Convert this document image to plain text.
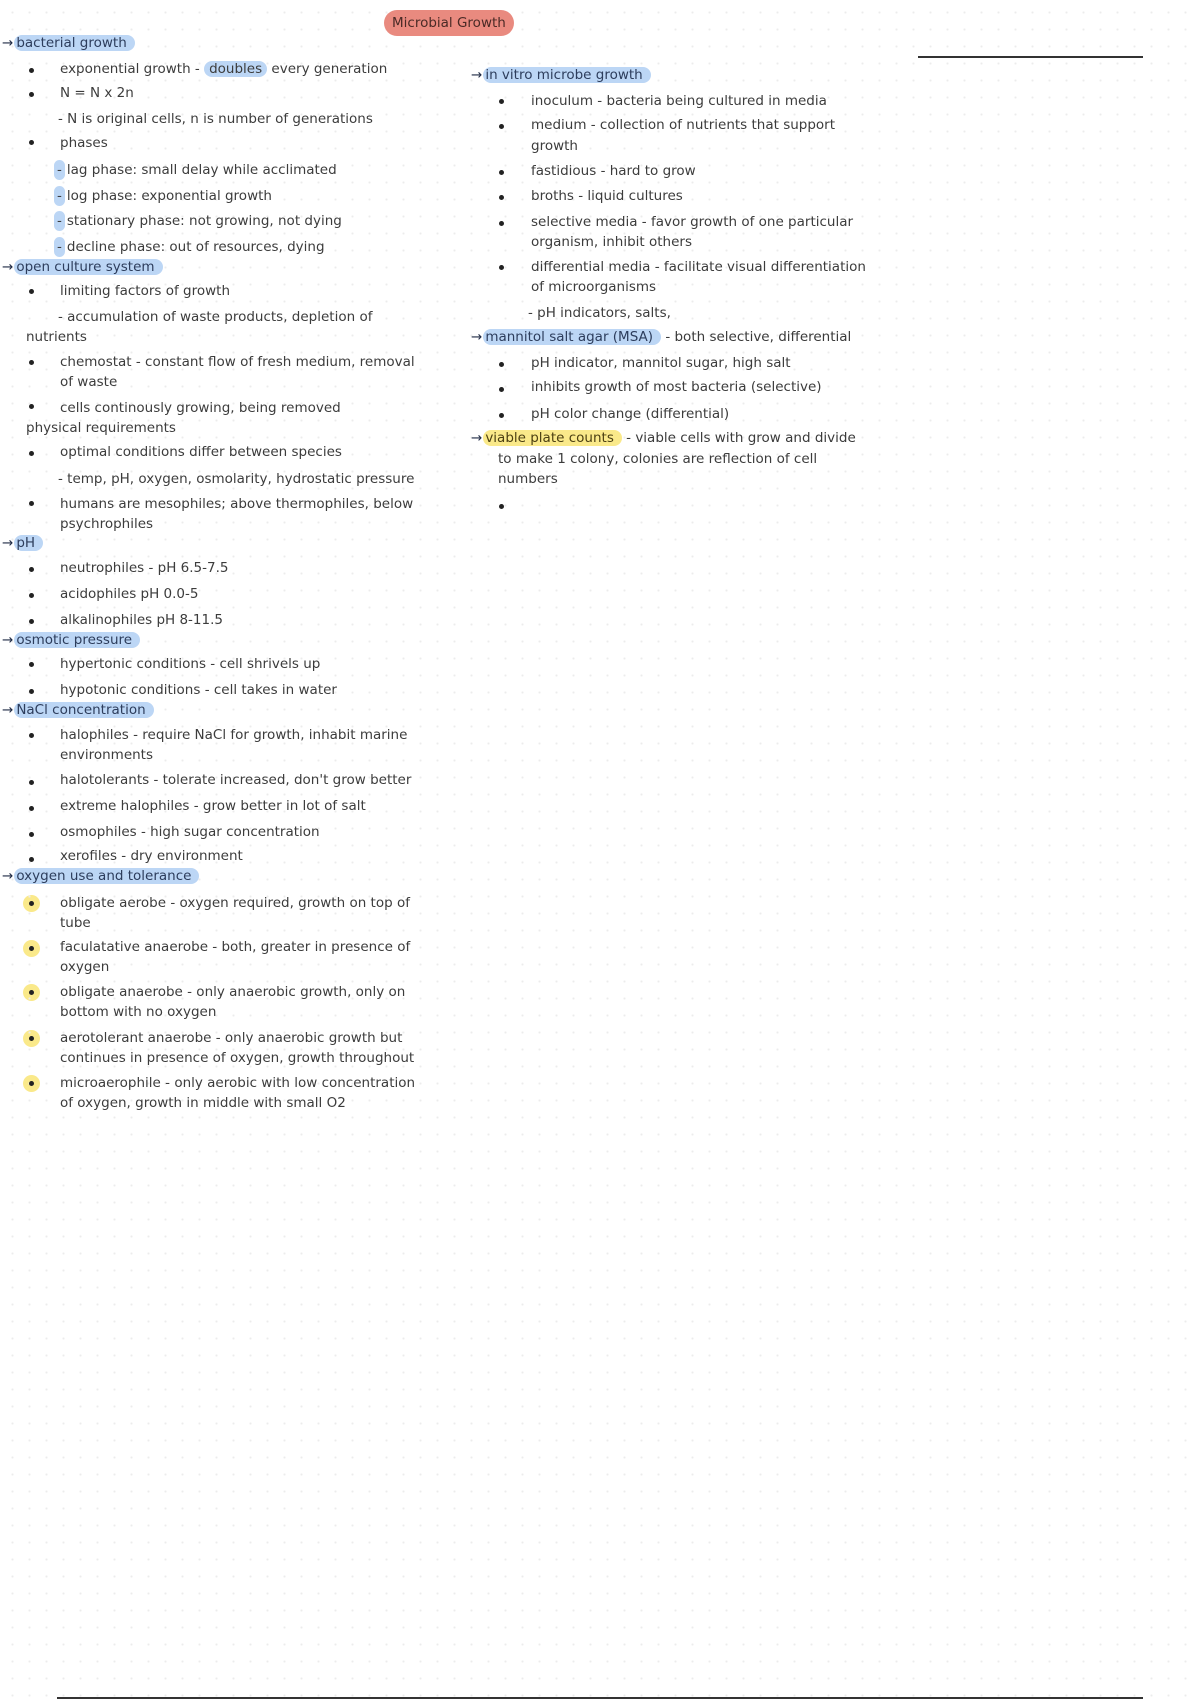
Microbial Growth
→ bacterial growth
exponential growth - doubles every generation
N = N x 2n
- N is original cells, n is number of generations
phases
- lag phase: small delay while acclimated
- log phase: exponential growth
- stationary phase: not growing, not dying
- decline phase: out of resources, dying
→ open culture system
limiting factors of growth
- accumulation of waste products, depletion of
nutrients
chemostat - constant flow of fresh medium, removal
of waste
cells continously growing, being removed
physical requirements
optimal conditions differ between species
- temp, pH, oxygen, osmolarity, hydrostatic pressure
humans are mesophiles; above thermophiles, below
psychrophiles
→ pH
neutrophiles - pH 6.5-7.5
acidophiles pH 0.0-5
alkalinophiles pH 8-11.5
→ osmotic pressure
hypertonic conditions - cell shrivels up
hypotonic conditions - cell takes in water
→ NaCl concentration
halophiles - require NaCl for growth, inhabit marine
environments
halotolerants - tolerate increased, don't grow better
extreme halophiles - grow better in lot of salt
osmophiles - high sugar concentration
xerofiles - dry environment
→ oxygen use and tolerance
obligate aerobe - oxygen required, growth on top of
tube
faculatative anaerobe - both, greater in presence of
oxygen
obligate anaerobe - only anaerobic growth, only on
bottom with no oxygen
aerotolerant anaerobe - only anaerobic growth but
continues in presence of oxygen, growth throughout
microaerophile - only aerobic with low concentration
of oxygen, growth in middle with small O2
→ in vitro microbe growth
inoculum - bacteria being cultured in media
medium - collection of nutrients that support
growth
fastidious - hard to grow
broths - liquid cultures
selective media - favor growth of one particular
organism, inhibit others
differential media - facilitate visual differentiation
of microorganisms
- pH indicators, salts,
→ mannitol salt agar (MSA) - both selective, differential
pH indicator, mannitol sugar, high salt
inhibits growth of most bacteria (selective)
pH color change (differential)
→ viable plate counts - viable cells with grow and divide
to make 1 colony, colonies are reflection of cell
numbers
